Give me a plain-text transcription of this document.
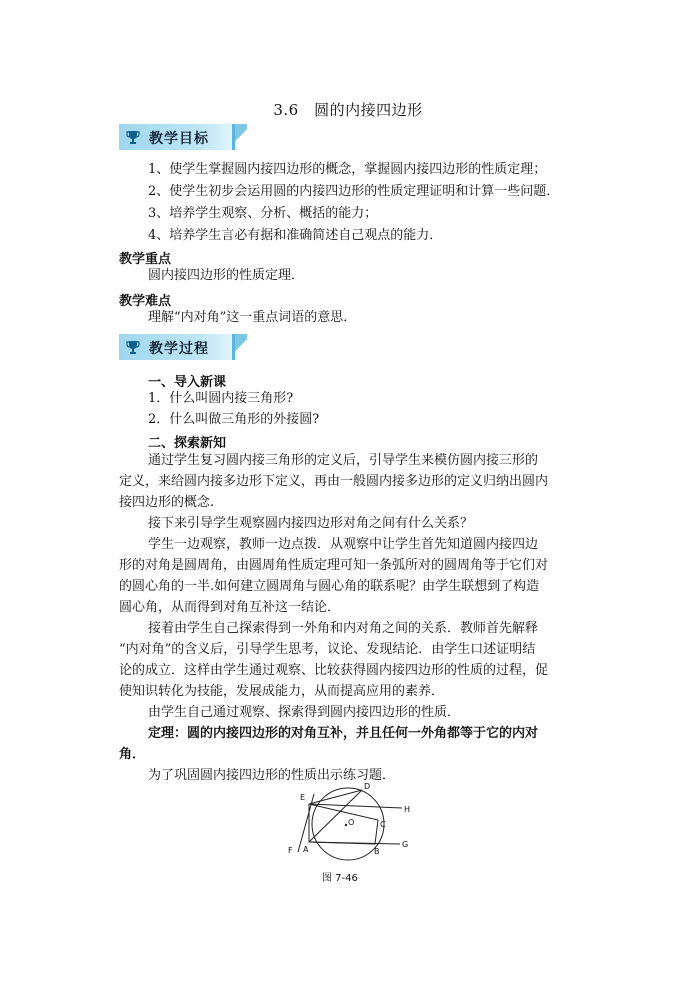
3.6　圆的内接四边形
教学目标
1、使学生掌握圆内接四边形的概念，掌握圆内接四边形的性质定理；
2、使学生初步会运用圆的内接四边形的性质定理证明和计算一些问题．
3、培养学生观察、分析、概括的能力；
4、培养学生言必有据和准确简述自己观点的能力．
教学重点
圆内接四边形的性质定理．
教学难点
理解“内对角”这一重点词语的意思．
教学过程
一、导入新课
1．什么叫圆内接三角形?
2．什么叫做三角形的外接圆?
二、探索新知
通过学生复习圆内接三角形的定义后，引导学生来模仿圆内接三形的
定义，来给圆内接多边形下定义，再由一般圆内接多边形的定义归纳出圆内
接四边形的概念.
接下来引导学生观察圆内接四边形对角之间有什么关系？
学生一边观察，教师一边点拨．从观察中让学生首先知道圆内接四边
形的对角是圆周角，由圆周角性质定理可知一条弧所对的圆周角等于它们对
的圆心角的一半.如何建立圆周角与圆心角的联系呢？由学生联想到了构造
圆心角，从而得到对角互补这一结论．
接着由学生自己探索得到一外角和内对角之间的关系．教师首先解释
“内对角”的含义后，引导学生思考，议论、发现结论．由学生口述证明结
论的成立．这样由学生通过观察、比较获得圆内接四边形的性质的过程，促
使知识转化为技能，发展成能力，从而提高应用的素养．
由学生自己通过观察、探索得到圆内接四边形的性质．
定理：圆的内接四边形的对角互补，并且任何一外角都等于它的内对
角．
为了巩固圆内接四边形的性质出示练习题．
E
D
H
O	C
F A	B
G
图 7-46
